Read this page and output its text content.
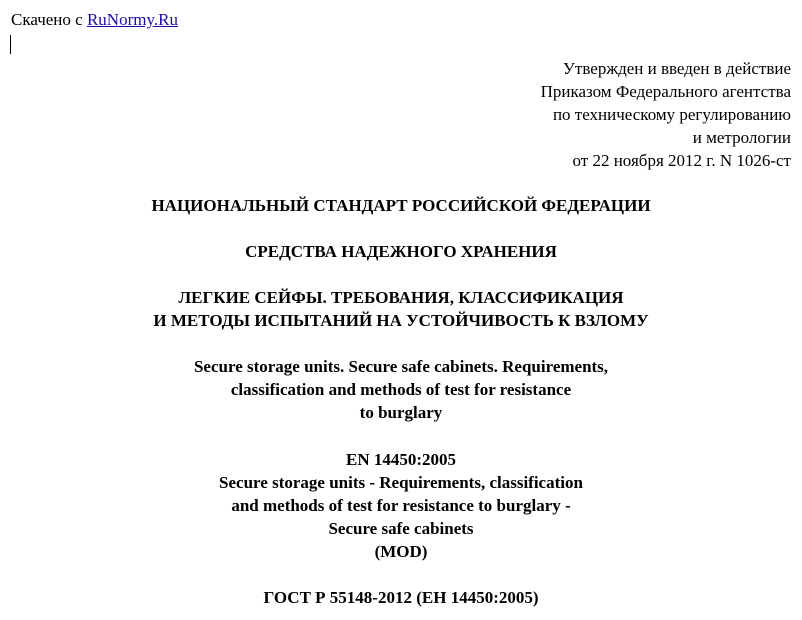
Скачено с RuNormy.Ru
Утвержден и введен в действие
Приказом Федерального агентства
по техническому регулированию
и метрологии
от 22 ноября 2012 г. N 1026-ст
НАЦИОНАЛЬНЫЙ СТАНДАРТ РОССИЙСКОЙ ФЕДЕРАЦИИ
СРЕДСТВА НАДЕЖНОГО ХРАНЕНИЯ
ЛЕГКИЕ СЕЙФЫ. ТРЕБОВАНИЯ, КЛАССИФИКАЦИЯ
И МЕТОДЫ ИСПЫТАНИЙ НА УСТОЙЧИВОСТЬ К ВЗЛОМУ
Secure storage units. Secure safe cabinets. Requirements,
classification and methods of test for resistance
to burglary
EN 14450:2005
Secure storage units - Requirements, classification
and methods of test for resistance to burglary -
Secure safe cabinets
(MOD)
ГОСТ Р 55148-2012 (ЕН 14450:2005)
